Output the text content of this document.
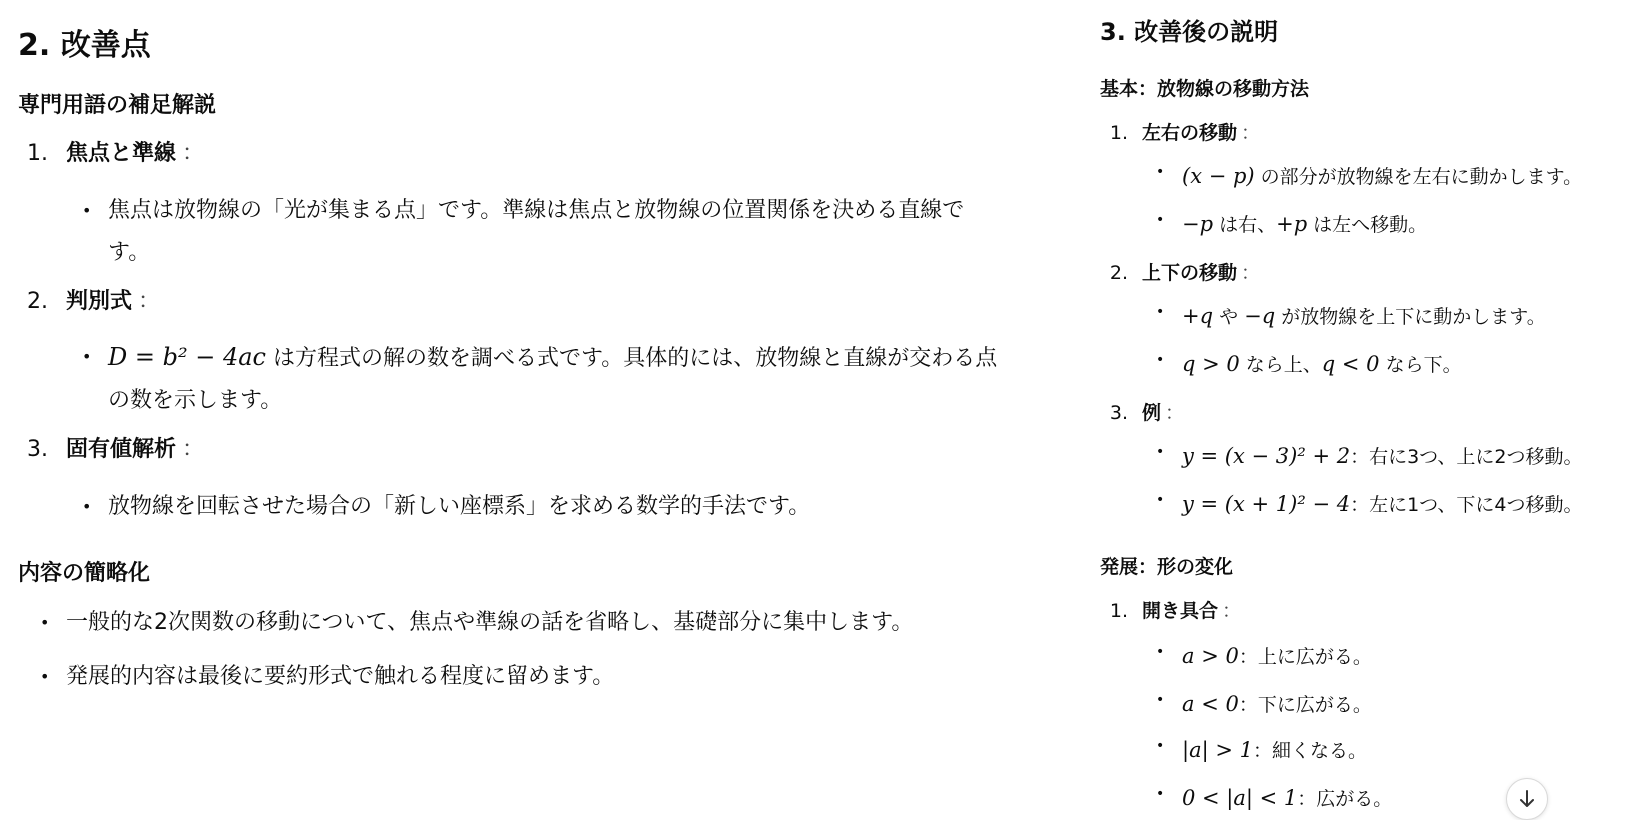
2. 改善点
専門用語の補足解説
1. 焦点と準線 ：
• 焦点は放物線の「光が集まる点」です。準線は焦点と放物線の位置関係を決める直線で
す。
2. 判別式 ：
• D = b² − 4ac は方程式の解の数を調べる式です。具体的には、放物線と直線が交わる点
の数を示します。
3. 固有値解析 ：
• 放物線を回転させた場合の「新しい座標系」を求める数学的手法です。
内容の簡略化
• 一般的な2次関数の移動について、焦点や準線の話を省略し、基礎部分に集中します。
• 発展的内容は最後に要約形式で触れる程度に留めます。
3. 改善後の説明
基本：放物線の移動方法
1. 左右の移動 ：
• (x − p) の部分が放物線を左右に動かします。
• −p は右、+p は左へ移動。
2. 上下の移動 ：
• +q や −q が放物線を上下に動かします。
• q > 0 なら上、q < 0 なら下。
3. 例 ：
• y = (x − 3)² + 2：右に3つ、上に2つ移動。
• y = (x + 1)² − 4：左に1つ、下に4つ移動。
発展：形の変化
1. 開き具合 ：
• a > 0：上に広がる。
• a < 0：下に広がる。
• |a| > 1：細くなる。
• 0 < |a| < 1：広がる。
